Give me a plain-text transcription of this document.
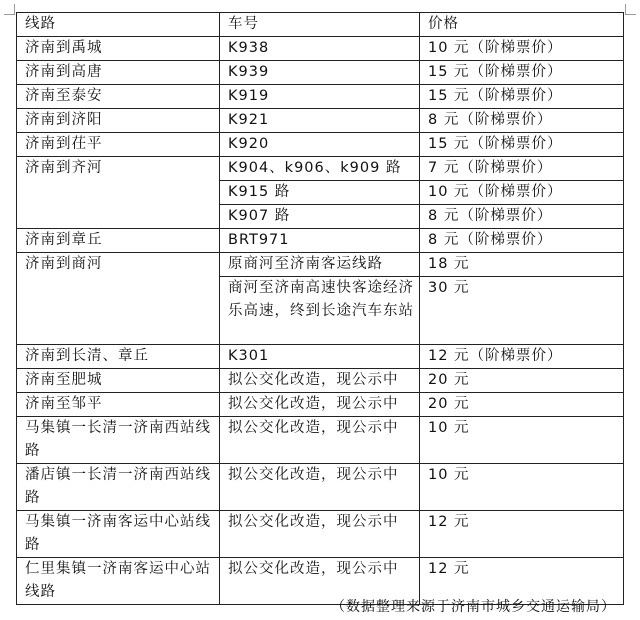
线路	车号	价格
济南到禹城	K938	10 元（阶梯票价）
济南到高唐	K939	15 元（阶梯票价）
济南至泰安	K919	15 元（阶梯票价）
济南到济阳	K921	8 元（阶梯票价）
济南到茌平	K920	15 元（阶梯票价）
济南到齐河	K904、k906、k909 路	7 元（阶梯票价）
	K915 路	10 元（阶梯票价）
	K907 路	8 元（阶梯票价）
济南到章丘	BRT971	8 元（阶梯票价）
济南到商河	原商河至济南客运线路	18 元
	商河至济南高速快客途经济乐高速，终到长途汽车东站	30 元
济南到长清、章丘	K301	12 元（阶梯票价）
济南至肥城	拟公交化改造，现公示中	20 元
济南至邹平	拟公交化改造，现公示中	20 元
马集镇一长清一济南西站线路	拟公交化改造，现公示中	10 元
潘店镇一长清一济南西站线路	拟公交化改造，现公示中	10 元
马集镇一济南客运中心站线路	拟公交化改造，现公示中	12 元
仁里集镇一济南客运中心站线路	拟公交化改造，现公示中	12 元
（数据整理来源于济南市城乡交通运输局）
